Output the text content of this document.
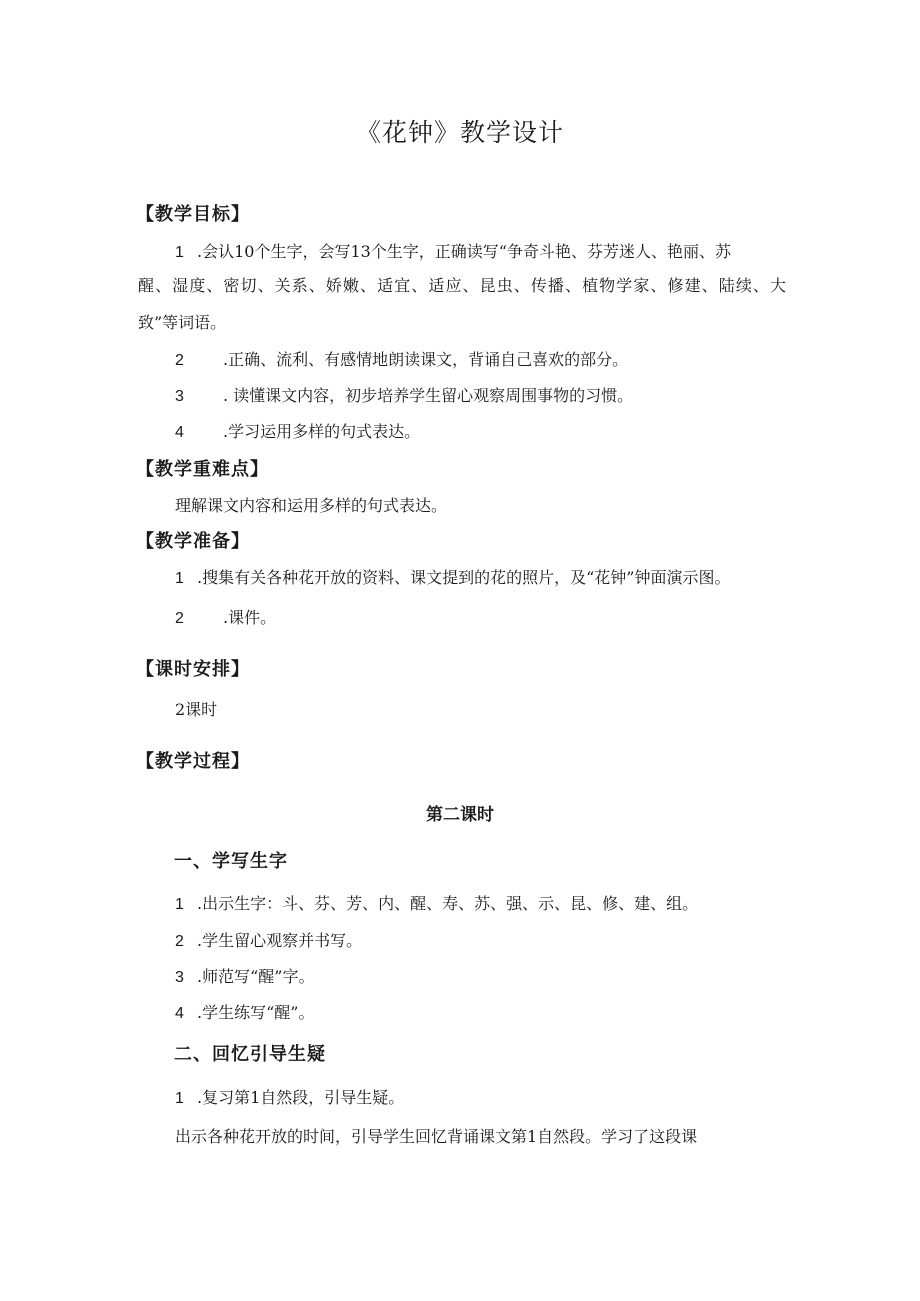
《花钟》教学设计
【教学目标】
1 .会认10个生字，会写13个生字，正确读写“争奇斗艳、芬芳迷人、艳丽、苏
醒、湿度、密切、关系、娇嫩、适宜、适应、昆虫、传播、植物学家、修建、陆续、大
致”等词语。
2 .正确、流利、有感情地朗读课文，背诵自己喜欢的部分。
3 . 读懂课文内容，初步培养学生留心观察周围事物的习惯。
4 .学习运用多样的句式表达。
【教学重难点】
理解课文内容和运用多样的句式表达。
【教学准备】
1 .搜集有关各种花开放的资料、课文提到的花的照片，及“花钟”钟面演示图。
2 .课件。
【课时安排】
2课时
【教学过程】
第二课时
一、学写生字
1 .出示生字：斗、芬、芳、内、醒、寿、苏、强、示、昆、修、建、组。
2 .学生留心观察并书写。
3 .师范写“醒”字。
4 .学生练写“醒”。
二、回忆引导生疑
1 .复习第1自然段，引导生疑。
出示各种花开放的时间，引导学生回忆背诵课文第1自然段。学习了这段课
